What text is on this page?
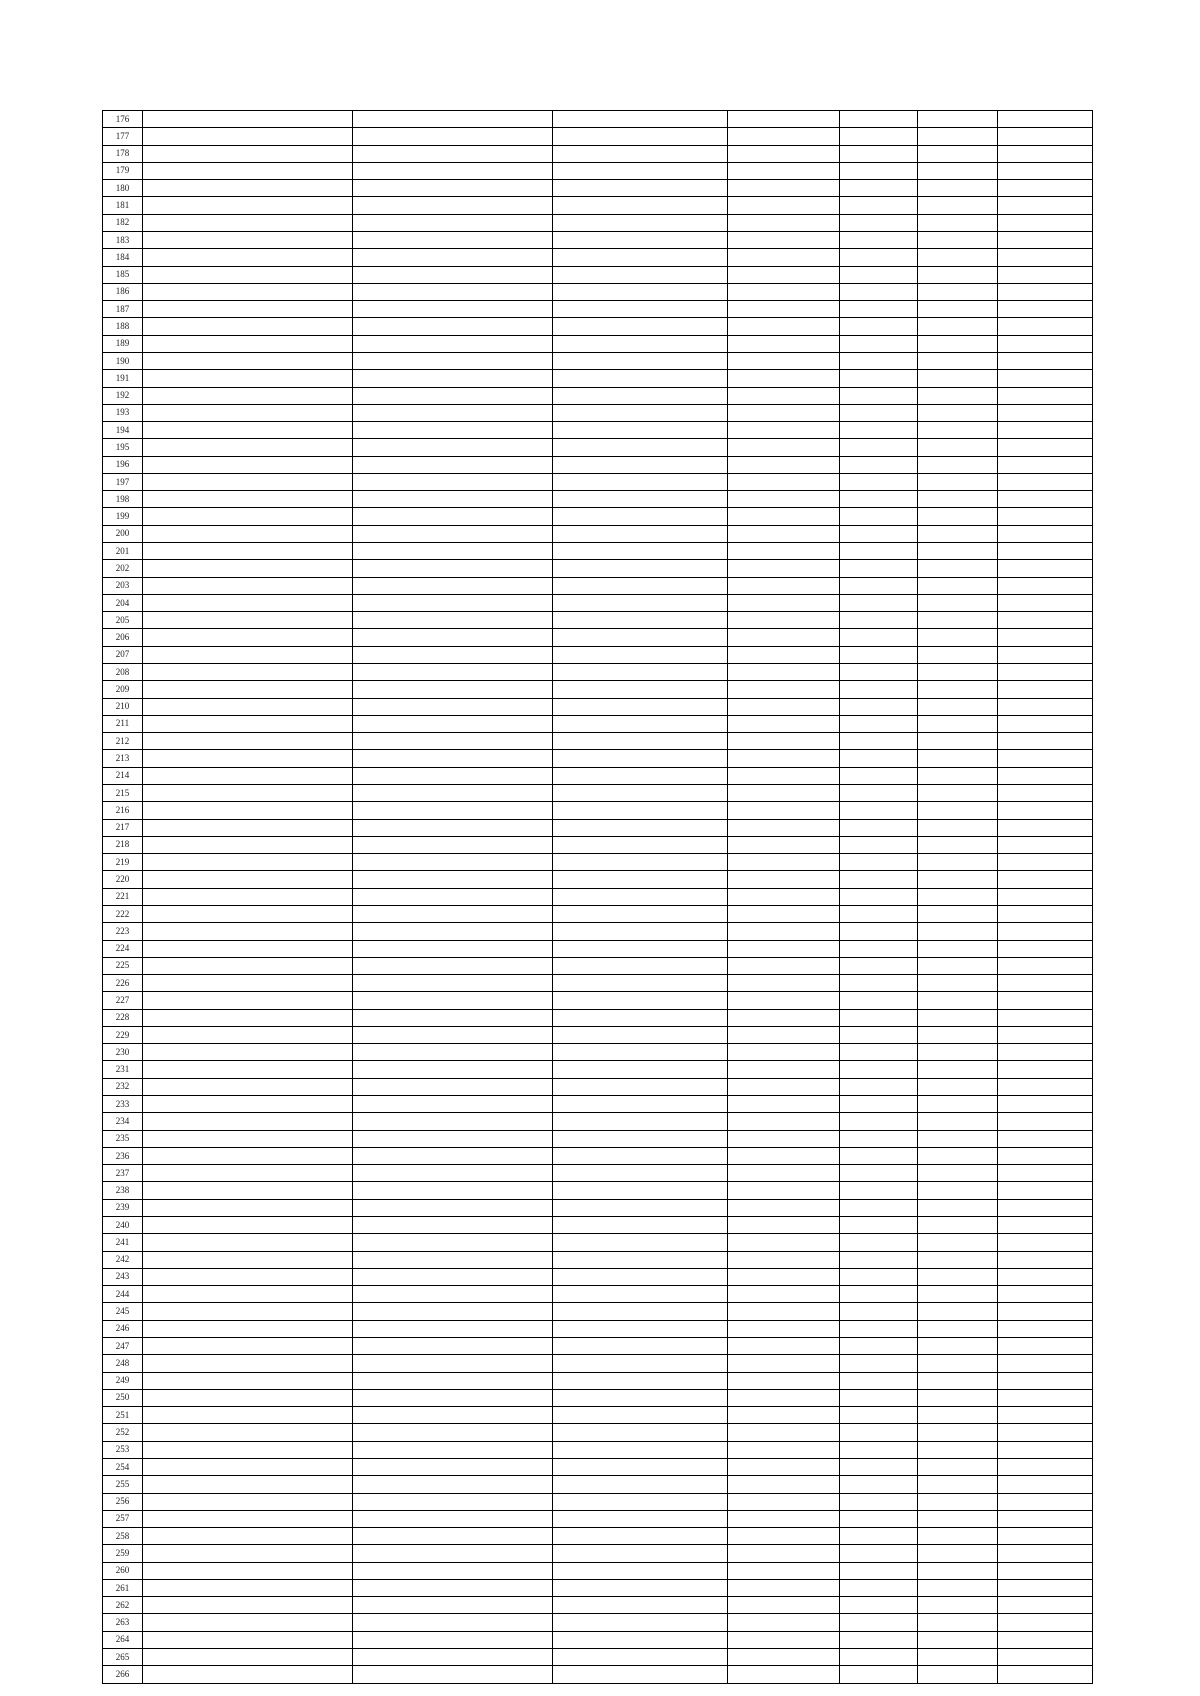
176							
177							
178							
179							
180							
181							
182							
183							
184							
185							
186							
187							
188							
189							
190							
191							
192							
193							
194							
195							
196							
197							
198							
199							
200							
201							
202							
203							
204							
205							
206							
207							
208							
209							
210							
211							
212							
213							
214							
215							
216							
217							
218							
219							
220							
221							
222							
223							
224							
225							
226							
227							
228							
229							
230							
231							
232							
233							
234							
235							
236							
237							
238							
239							
240							
241							
242							
243							
244							
245							
246							
247							
248							
249							
250							
251							
252							
253							
254							
255							
256							
257							
258							
259							
260							
261							
262							
263							
264							
265							
266							
